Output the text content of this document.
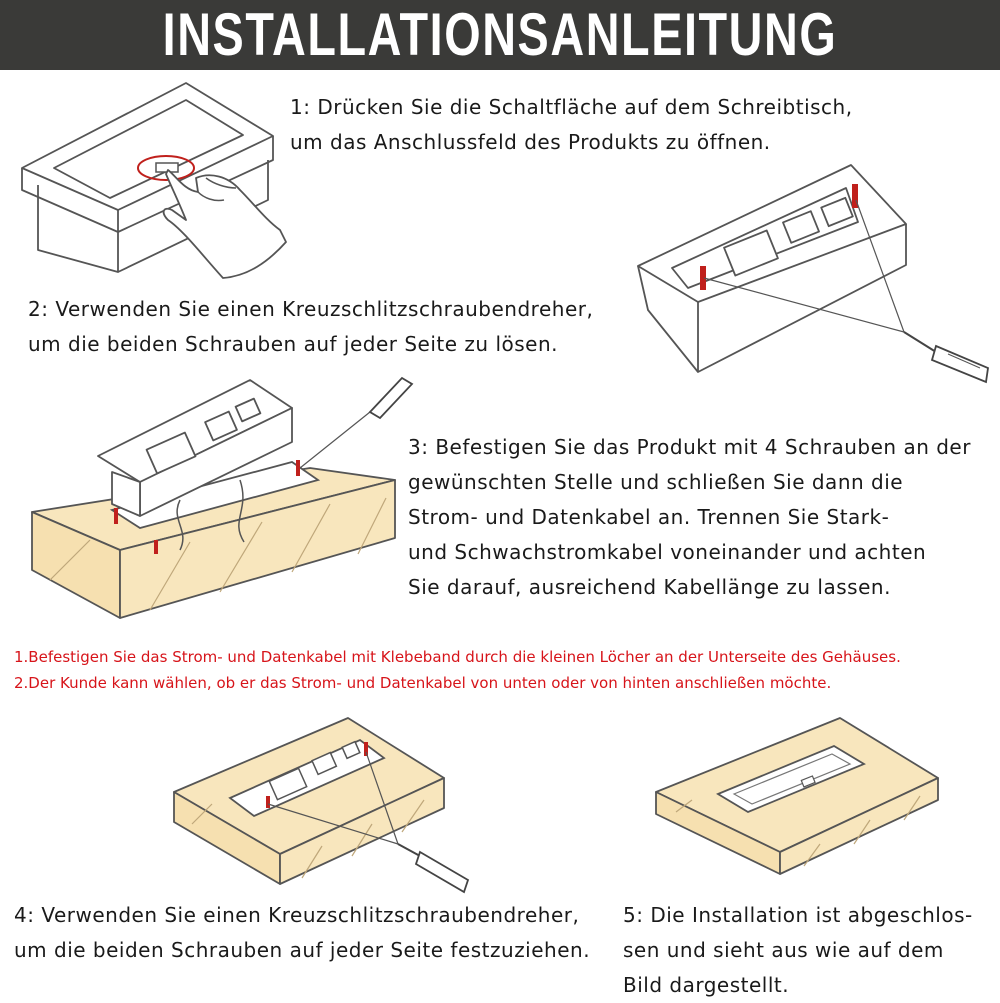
INSTALLATIONSANLEITUNG
1: Drücken Sie die Schaltfläche auf dem Schreibtisch,
um das Anschlussfeld des Produkts zu öffnen.
2: Verwenden Sie einen Kreuzschlitzschraubendreher,
um die beiden Schrauben auf jeder Seite zu lösen.
3: Befestigen Sie das Produkt mit 4 Schrauben an der
gewünschten Stelle und schließen Sie dann die
Strom- und Datenkabel an. Trennen Sie Stark-
und Schwachstromkabel voneinander und achten
Sie darauf, ausreichend Kabellänge zu lassen.
1.Befestigen Sie das Strom- und Datenkabel mit Klebeband durch die kleinen Löcher an der Unterseite des Gehäuses.
2.Der Kunde kann wählen, ob er das Strom- und Datenkabel von unten oder von hinten anschließen möchte.
4: Verwenden Sie einen Kreuzschlitzschraubendreher,
um die beiden Schrauben auf jeder Seite festzuziehen.
5: Die Installation ist abgeschlos-
sen und sieht aus wie auf dem
Bild dargestellt.
